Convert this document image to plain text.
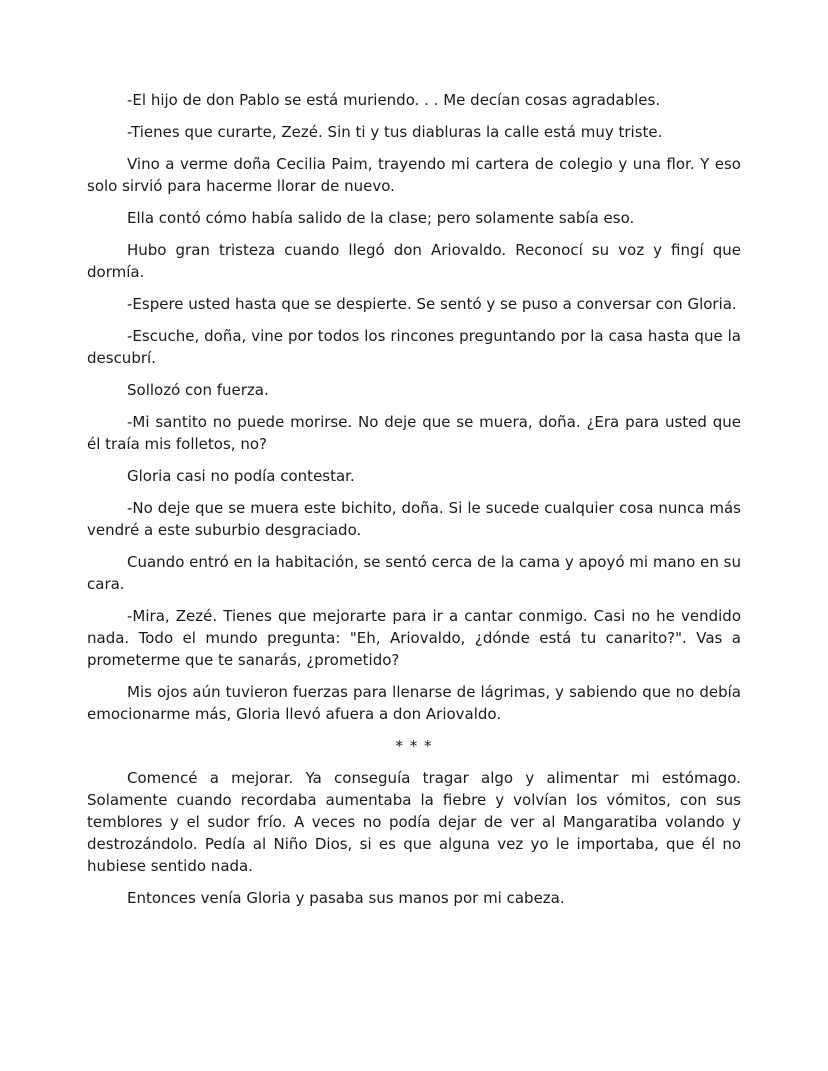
-El hijo de don Pablo se está muriendo. . . Me decían cosas agradables.

-Tienes que curarte, Zezé. Sin ti y tus diabluras la calle está muy triste.

Vino a verme doña Cecilia Paim, trayendo mi cartera de colegio y una flor. Y eso solo sirvió para hacerme llorar de nuevo.

Ella contó cómo había salido de la clase; pero solamente sabía eso.

Hubo gran tristeza cuando llegó don Ariovaldo. Reconocí su voz y fingí que dormía.

-Espere usted hasta que se despierte. Se sentó y se puso a conversar con Gloria.

-Escuche, doña, vine por todos los rincones preguntando por la casa hasta que la descubrí.

Sollozó con fuerza.

-Mi santito no puede morirse. No deje que se muera, doña. ¿Era para usted que él traía mis folletos, no?

Gloria casi no podía contestar.

-No deje que se muera este bichito, doña. Si le sucede cualquier cosa nunca más vendré a este suburbio desgraciado.

Cuando entró en la habitación, se sentó cerca de la cama y apoyó mi mano en su cara.

-Mira, Zezé. Tienes que mejorarte para ir a cantar conmigo. Casi no he vendido nada. Todo el mundo pregunta: "Eh, Ariovaldo, ¿dónde está tu canarito?". Vas a prometerme que te sanarás, ¿prometido?

Mis ojos aún tuvieron fuerzas para llenarse de lágrimas, y sabiendo que no debía emocionarme más, Gloria llevó afuera a don Ariovaldo.

* * *

Comencé a mejorar. Ya conseguía tragar algo y alimentar mi estómago. Solamente cuando recordaba aumentaba la fiebre y volvían los vómitos, con sus temblores y el sudor frío. A veces no podía dejar de ver al Mangaratiba volando y destrozándolo. Pedía al Niño Dios, si es que alguna vez yo le importaba, que él no hubiese sentido nada.

Entonces venía Gloria y pasaba sus manos por mi cabeza.
